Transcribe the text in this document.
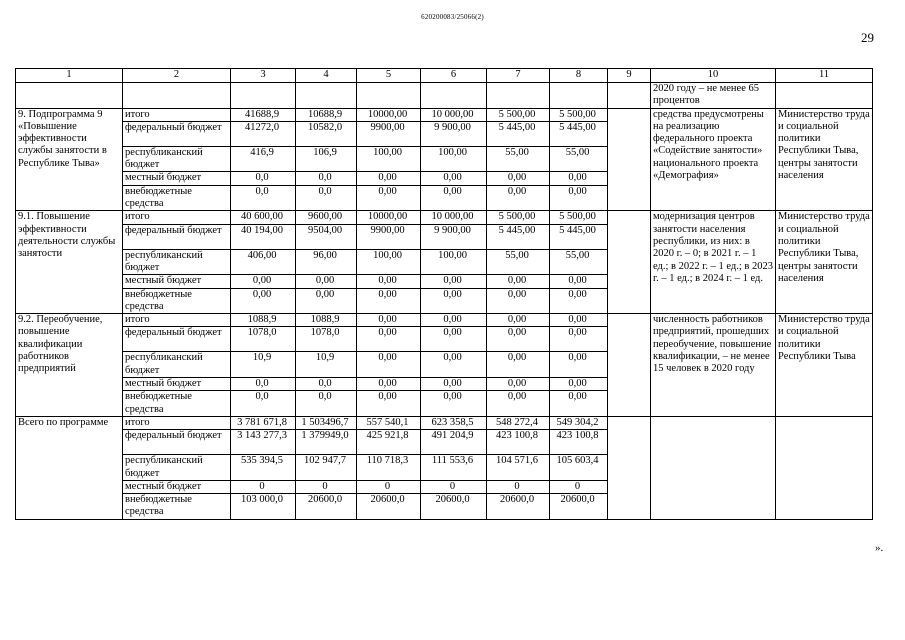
620200083/25066(2)
29
1	2	3	4	5	6	7	8	9	10	11
									2020 году – не менее 65 процентов	
9. Подпрограмма 9 «Повышение эффективности службы занятости в Республике Тыва»	итого	41688,9	10688,9	10000,00	10 000,00	5 500,00	5 500,00		средства предусмотрены на реализацию федерального проекта «Содействие занятости» национального проекта «Демография»	Министерство труда и социальной политики Республики Тыва, центры занятости населения
	федеральный бюджет	41272,0	10582,0	9900,00	9 900,00	5 445,00	5 445,00			
	республиканский бюджет	416,9	106,9	100,00	100,00	55,00	55,00			
	местный бюджет	0,0	0,0	0,00	0,00	0,00	0,00			
	внебюджетные средства	0,0	0,0	0,00	0,00	0,00	0,00			
9.1. Повышение эффективности деятельности службы занятости	итого	40 600,00	9600,00	10000,00	10 000,00	5 500,00	5 500,00		модернизация центров занятости населения республики, из них: в 2020 г. – 0; в 2021 г. – 1 ед.; в 2022 г. – 1 ед.; в 2023 г. – 1 ед.; в 2024 г. – 1 ед.	Министерство труда и социальной политики Республики Тыва, центры занятости населения
	федеральный бюджет	40 194,00	9504,00	9900,00	9 900,00	5 445,00	5 445,00			
	республиканский бюджет	406,00	96,00	100,00	100,00	55,00	55,00			
	местный бюджет	0,00	0,00	0,00	0,00	0,00	0,00			
	внебюджетные средства	0,00	0,00	0,00	0,00	0,00	0,00			
9.2. Переобучение, повышение квалификации работников предприятий	итого	1088,9	1088,9	0,00	0,00	0,00	0,00		численность работников предприятий, прошедших переобучение, повышение квалификации, – не менее 15 человек в 2020 году	Министерство труда и социальной политики Республики Тыва
	федеральный бюджет	1078,0	1078,0	0,00	0,00	0,00	0,00			
	республиканский бюджет	10,9	10,9	0,00	0,00	0,00	0,00			
	местный бюджет	0,0	0,0	0,00	0,00	0,00	0,00			
	внебюджетные средства	0,0	0,0	0,00	0,00	0,00	0,00			
Всего по программе	итого	3 781 671,8	1 503496,7	557 540,1	623 358,5	548 272,4	549 304,2			
	федеральный бюджет	3 143 277,3	1 379949,0	425 921,8	491 204,9	423 100,8	423 100,8			
	республиканский бюджет	535 394,5	102 947,7	110 718,3	111 553,6	104 571,6	105 603,4			
	местный бюджет	0	0	0	0	0	0			
	внебюджетные средства	103 000,0	20600,0	20600,0	20600,0	20600,0	20600,0			
».
